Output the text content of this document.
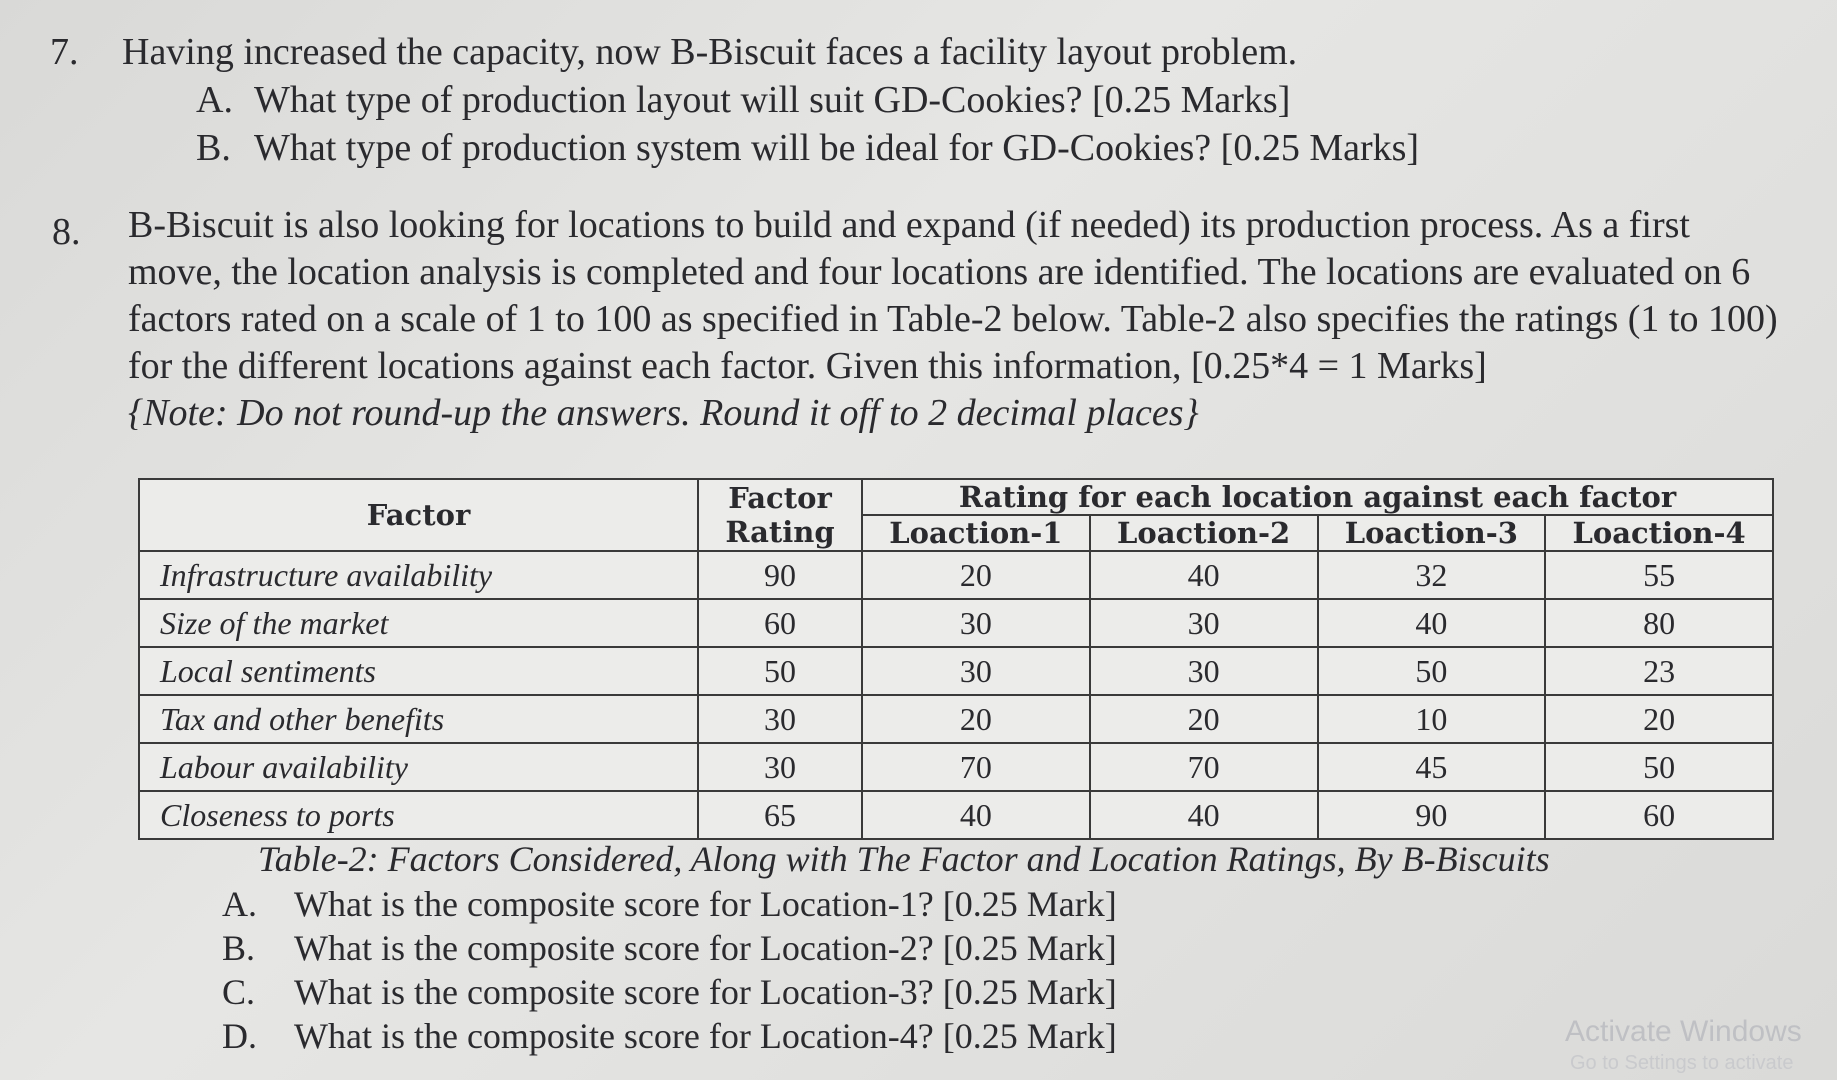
7. Having increased the capacity, now B-Biscuit faces a facility layout problem.
A. What type of production layout will suit GD-Cookies? [0.25 Marks]
B. What type of production system will be ideal for GD-Cookies? [0.25 Marks]
8. B-Biscuit is also looking for locations to build and expand (if needed) its production process. As a first move, the location analysis is completed and four locations are identified. The locations are evaluated on 6 factors rated on a scale of 1 to 100 as specified in Table-2 below. Table-2 also specifies the ratings (1 to 100) for the different locations against each factor. Given this information, [0.25*4 = 1 Marks]

{Note: Do not round-up the answers. Round it off to 2 decimal places}

Factor	Factor Rating	Rating for each location against each factor			
		Loaction-1	Loaction-2	Loaction-3	Loaction-4
Infrastructure availability	90	20	40	32	55
Size of the market	60	30	30	40	80
Local sentiments	50	30	30	50	23
Tax and other benefits	30	20	20	10	20
Labour availability	30	70	70	45	50
Closeness to ports	65	40	40	90	60
Table-2: Factors Considered, Along with The Factor and Location Ratings, By B-Biscuits
A. What is the composite score for Location-1? [0.25 Mark]
B. What is the composite score for Location-2? [0.25 Mark]
C. What is the composite score for Location-3? [0.25 Mark]
D. What is the composite score for Location-4? [0.25 Mark]	Activate Windows
Go to Settings to activate
